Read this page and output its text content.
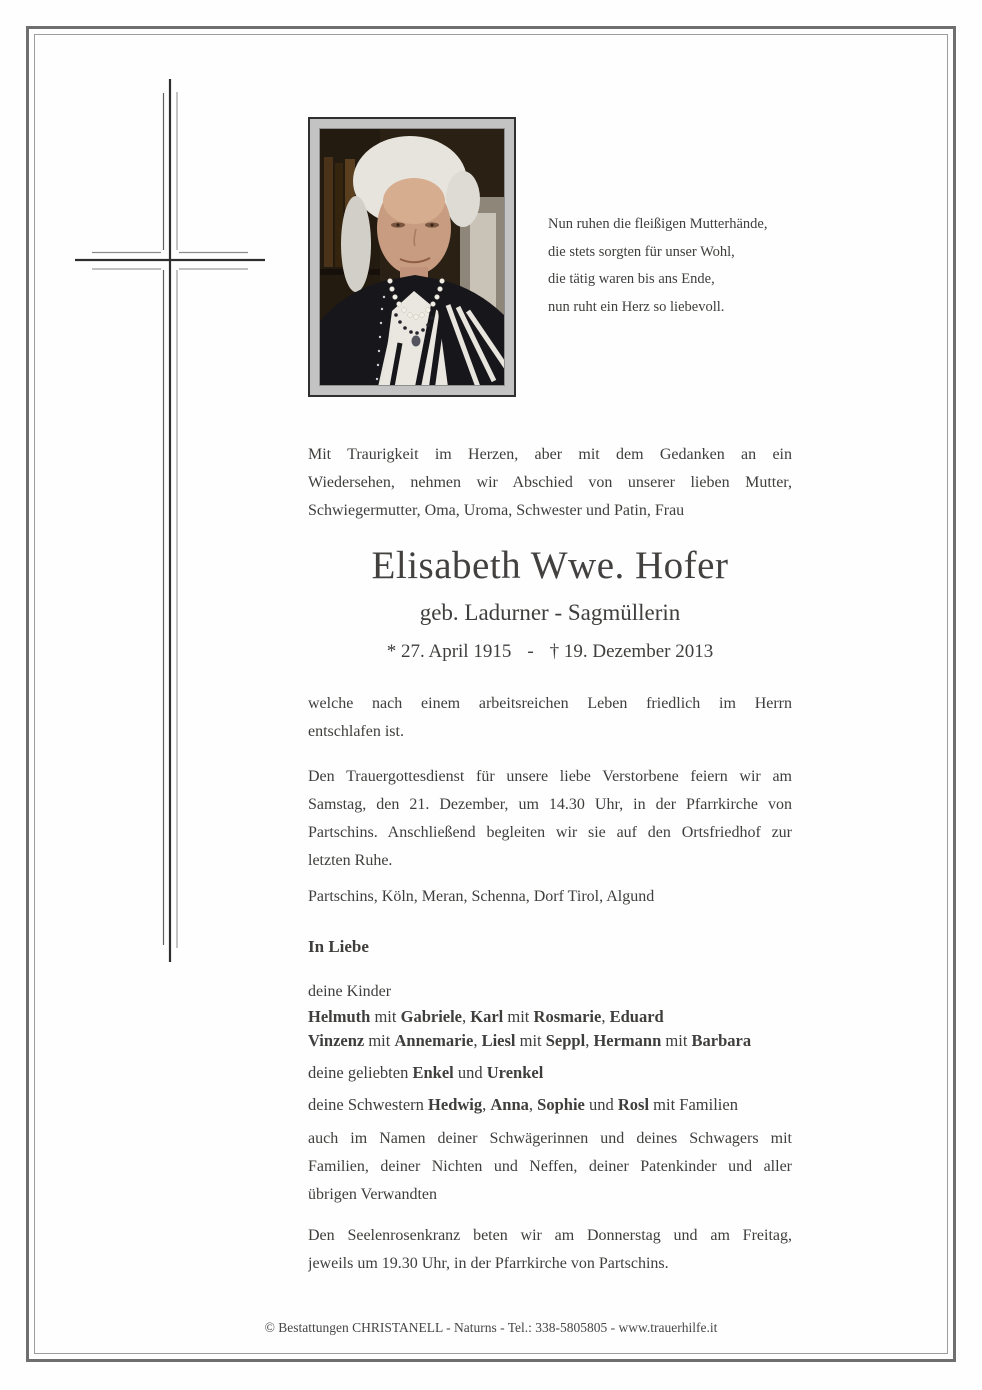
Nun ruhen die fleißigen Mutterhände,
die stets sorgten für unser Wohl,
die tätig waren bis ans Ende,
nun ruht ein Herz so liebevoll.
Mit Traurigkeit im Herzen, aber mit dem Gedanken an ein
Wiedersehen, nehmen wir Abschied von unserer lieben Mutter,
Schwiegermutter, Oma, Uroma, Schwester und Patin, Frau
Elisabeth Wwe. Hofer
geb. Ladurner - Sagmüllerin
* 27. April 1915 - † 19. Dezember 2013
welche nach einem arbeitsreichen Leben friedlich im Herrn
entschlafen ist.
Den Trauergottesdienst für unsere liebe Verstorbene feiern wir am
Samstag, den 21. Dezember, um 14.30 Uhr, in der Pfarrkirche von
Partschins. Anschließend begleiten wir sie auf den Ortsfriedhof zur
letzten Ruhe.
Partschins, Köln, Meran, Schenna, Dorf Tirol, Algund
In Liebe
deine Kinder
Helmuth mit Gabriele, Karl mit Rosmarie, Eduard
Vinzenz mit Annemarie, Liesl mit Seppl, Hermann mit Barbara
deine geliebten Enkel und Urenkel
deine Schwestern Hedwig, Anna, Sophie und Rosl mit Familien
auch im Namen deiner Schwägerinnen und deines Schwagers mit
Familien, deiner Nichten und Neffen, deiner Patenkinder und aller
übrigen Verwandten
Den Seelenrosenkranz beten wir am Donnerstag und am Freitag,
jeweils um 19.30 Uhr, in der Pfarrkirche von Partschins.
© Bestattungen CHRISTANELL - Naturns - Tel.: 338-5805805 - www.trauerhilfe.it
